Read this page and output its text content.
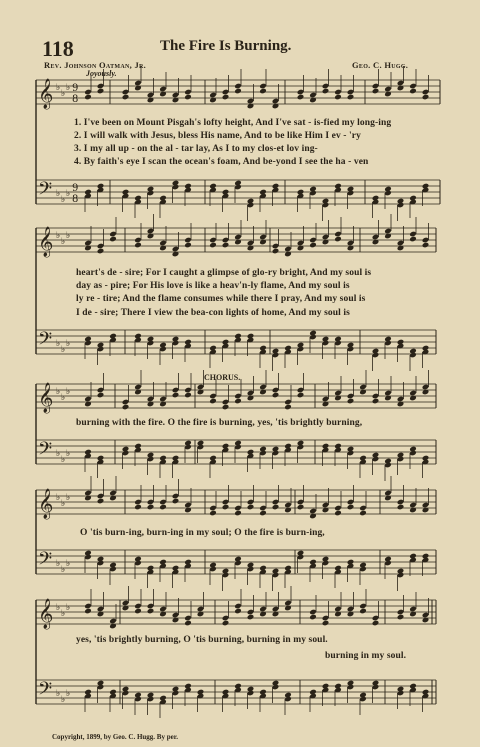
118	The Fire Is Burning.
Rev. Johnson Oatman, Jr.	Geo. C. Hugg.
Joyously.
𝄞
𝄢
♭
♭
♭
♭
♭
♭
9
8
9
8
𝄞
𝄢
♭
♭
♭
♭
♭
♭
𝄞
𝄢
♭
♭
♭
♭
♭
♭
𝄞
𝄢
♭
♭
♭
♭
♭
♭
𝄞
𝄢
♭
♭
♭
♭
♭
♭
1. I've been on Mount Pisgah's lofty height, And I've sat - is-fied my long-ing
2. I will walk with Jesus, bless His name, And to be like Him I ev - 'ry
3. I my all up - on the al - tar lay, As I to my clos-et lov ing-
4. By faith's eye I scan the ocean's foam, And be-yond I see the ha - ven
heart's de - sire; For I caught a glimpse of glo-ry bright, And my soul is
day as - pire; For His love is like a heav'n-ly flame, And my soul is
ly re - tire; And the flame consumes while there I pray, And my soul is
I de - sire; There I view the bea-con lights of home, And my soul is
CHORUS.
burning with the fire. O the fire is burning, yes, 'tis brightly burning,
O 'tis burn-ing, burn-ing in my soul; O the fire is burn-ing,
yes, 'tis brightly burning, O 'tis burning, burning in my soul.
burning in my soul.
Copyright, 1899, by Geo. C. Hugg. By per.
